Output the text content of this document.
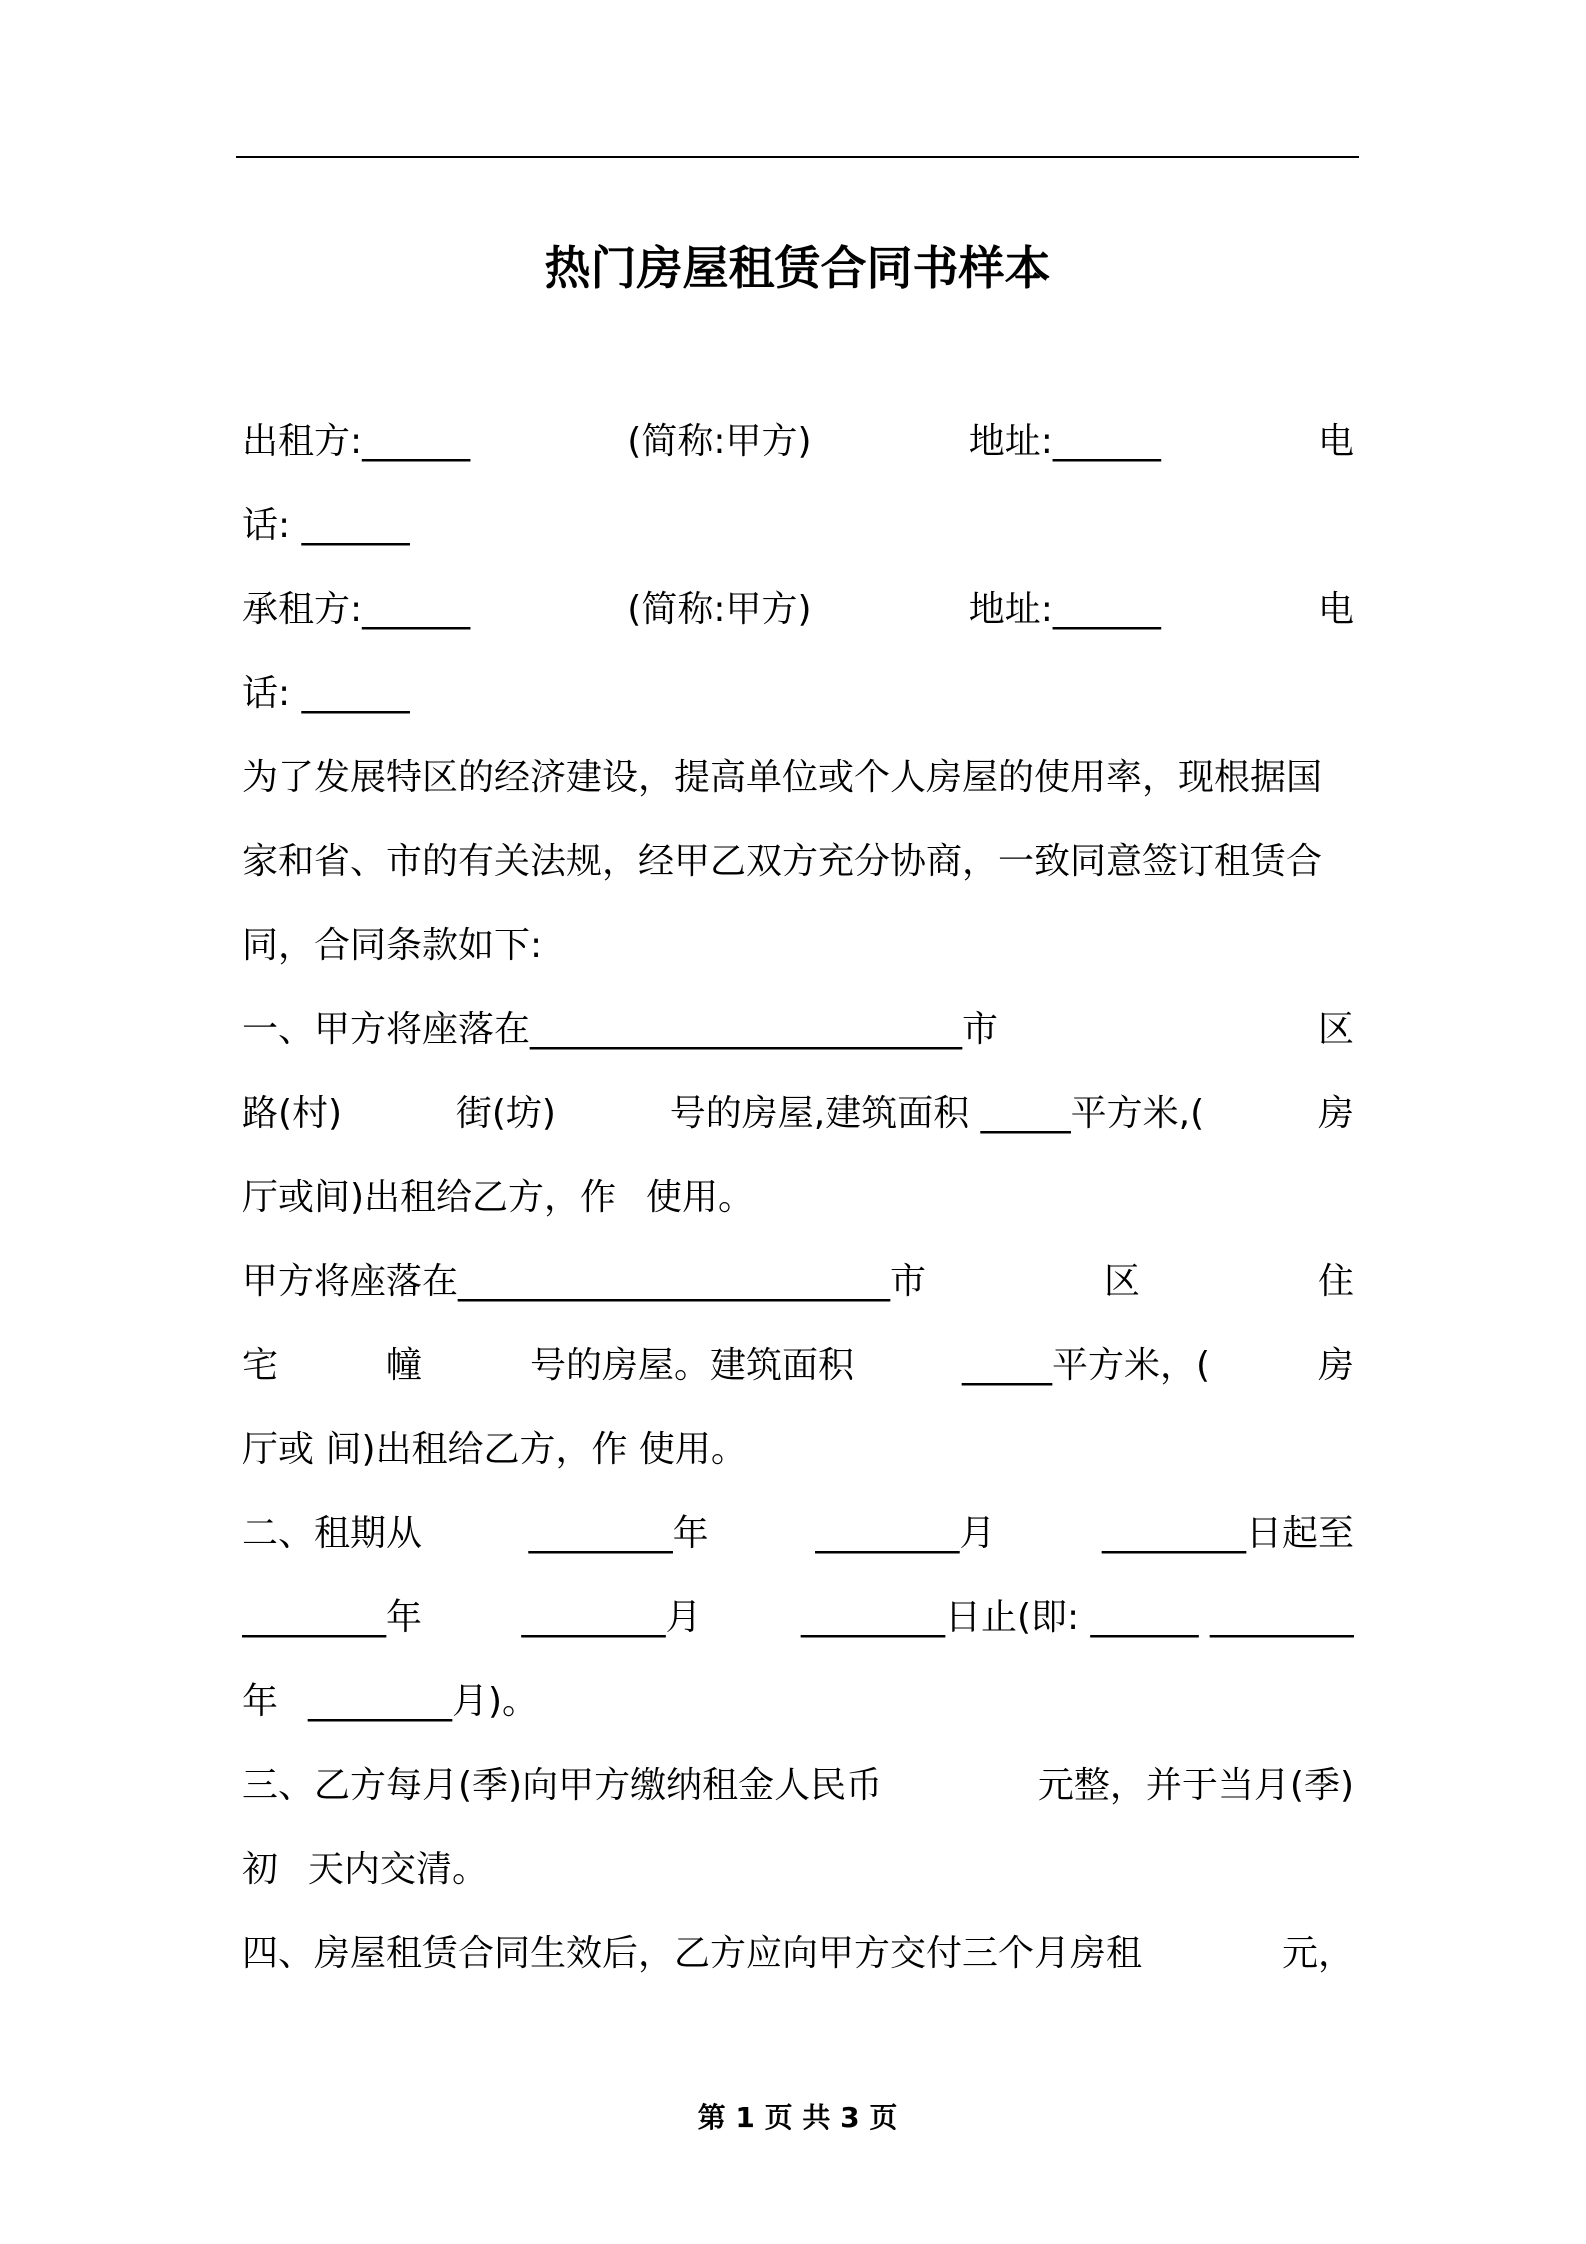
热门房屋租赁合同书样本
出租方:______	(简称:甲方)	地址:______	电
话: ______
承租方:______	(简称:甲方)	地址:______	电
话: ______
为了发展特区的经济建设，提高单位或个人房屋的使用率，现根据国
家和省、市的有关法规，经甲乙双方充分协商，一致同意签订租赁合
同，合同条款如下:
一、甲方将座落在________________________市	区
路(村)	街(坊)	号的房屋,建筑面积 _____平方米,(	房
厅或间)出租给乙方，作 使用。
甲方将座落在________________________市	区	住
宅	幢	号的房屋。建筑面积	_____平方米，(	房
厅或 间)出租给乙方，作 使用。
二、租期从	________年	________月	________日起至
________年	________月	________日止(即: ______ ________
年 ________月)。
三、乙方每月(季)向甲方缴纳租金人民币	元整，并于当月(季)
初 天内交清。
四、房屋租赁合同生效后，乙方应向甲方交付三个月房租	元，
第 1 页 共 3 页
